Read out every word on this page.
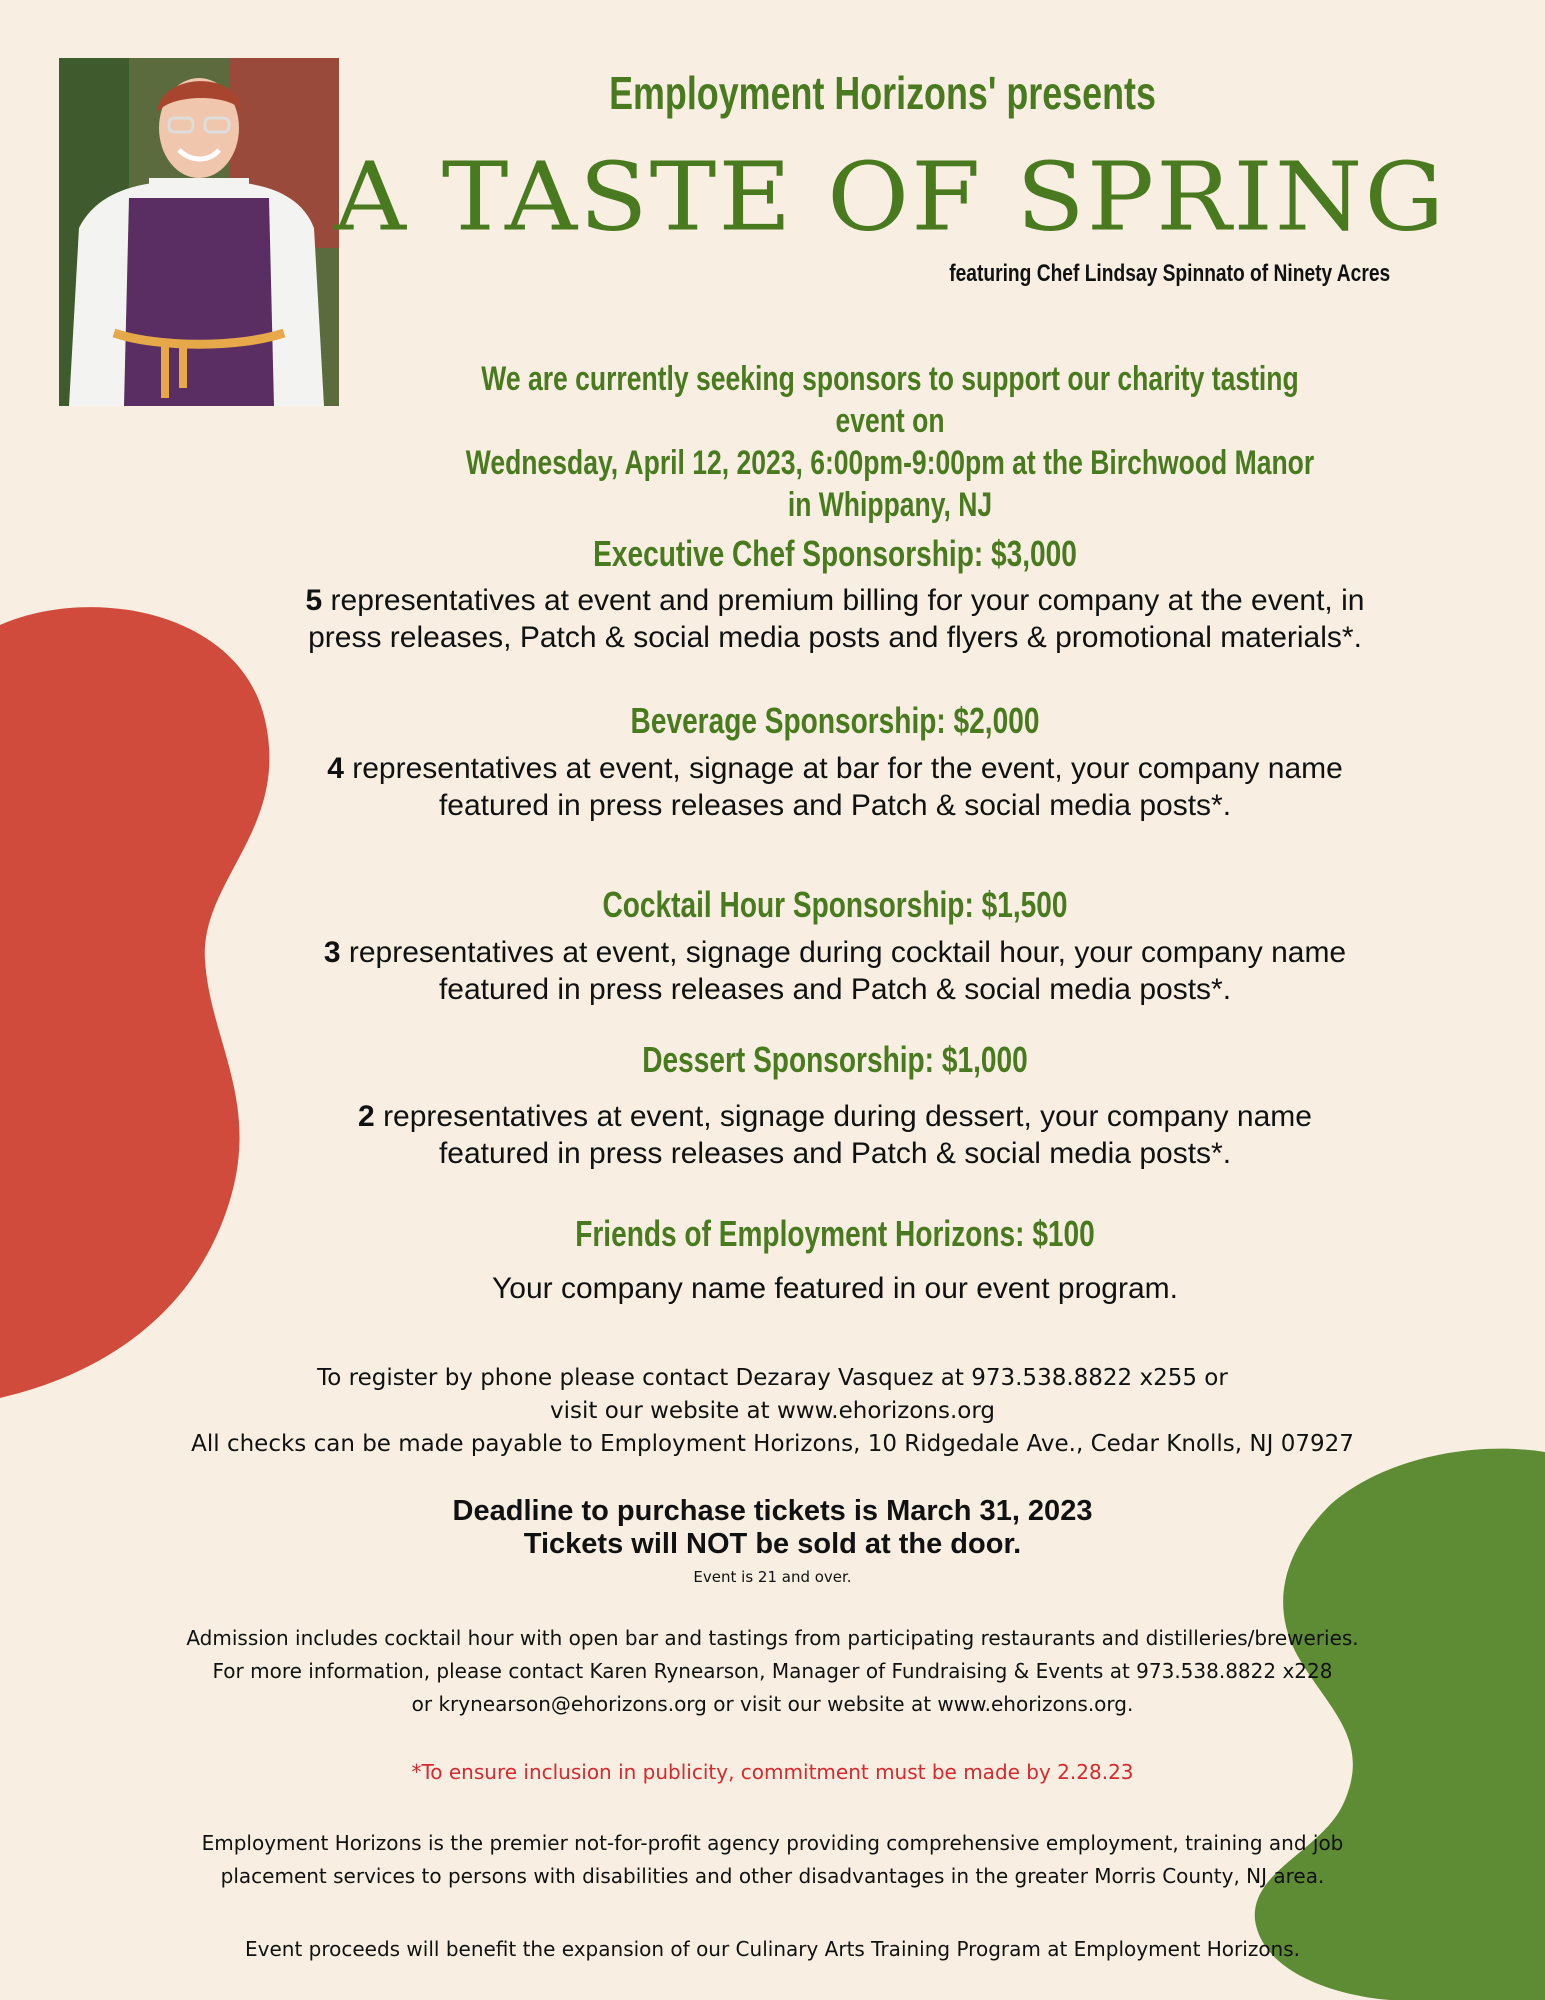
Employment Horizons' presents
A TASTE OF SPRING
featuring Chef Lindsay Spinnato of Ninety Acres
We are currently seeking sponsors to support our charity tasting event on
Wednesday, April 12, 2023, 6:00pm-9:00pm at the Birchwood Manor in Whippany, NJ
Executive Chef Sponsorship: $3,000
5 representatives at event and premium billing for your company at the event, in
press releases, Patch & social media posts and flyers & promotional materials*.
Beverage Sponsorship: $2,000
4 representatives at event, signage at bar for the event, your company name
featured in press releases and Patch & social media posts*.
Cocktail Hour Sponsorship: $1,500
3 representatives at event, signage during cocktail hour, your company name
featured in press releases and Patch & social media posts*.
Dessert Sponsorship: $1,000
2 representatives at event, signage during dessert, your company name
featured in press releases and Patch & social media posts*.
Friends of Employment Horizons: $100
Your company name featured in our event program.
To register by phone please contact Dezaray Vasquez at 973.538.8822 x255 or
visit our website at www.ehorizons.org
All checks can be made payable to Employment Horizons, 10 Ridgedale Ave., Cedar Knolls, NJ 07927
Deadline to purchase tickets is March 31, 2023
Tickets will NOT be sold at the door.
Event is 21 and over.
Admission includes cocktail hour with open bar and tastings from participating restaurants and distilleries/breweries.
For more information, please contact Karen Rynearson, Manager of Fundraising & Events at 973.538.8822 x228
or krynearson@ehorizons.org or visit our website at www.ehorizons.org.
*To ensure inclusion in publicity, commitment must be made by 2.28.23
Employment Horizons is the premier not-for-profit agency providing comprehensive employment, training and job
placement services to persons with disabilities and other disadvantages in the greater Morris County, NJ area.
Event proceeds will benefit the expansion of our Culinary Arts Training Program at Employment Horizons.
